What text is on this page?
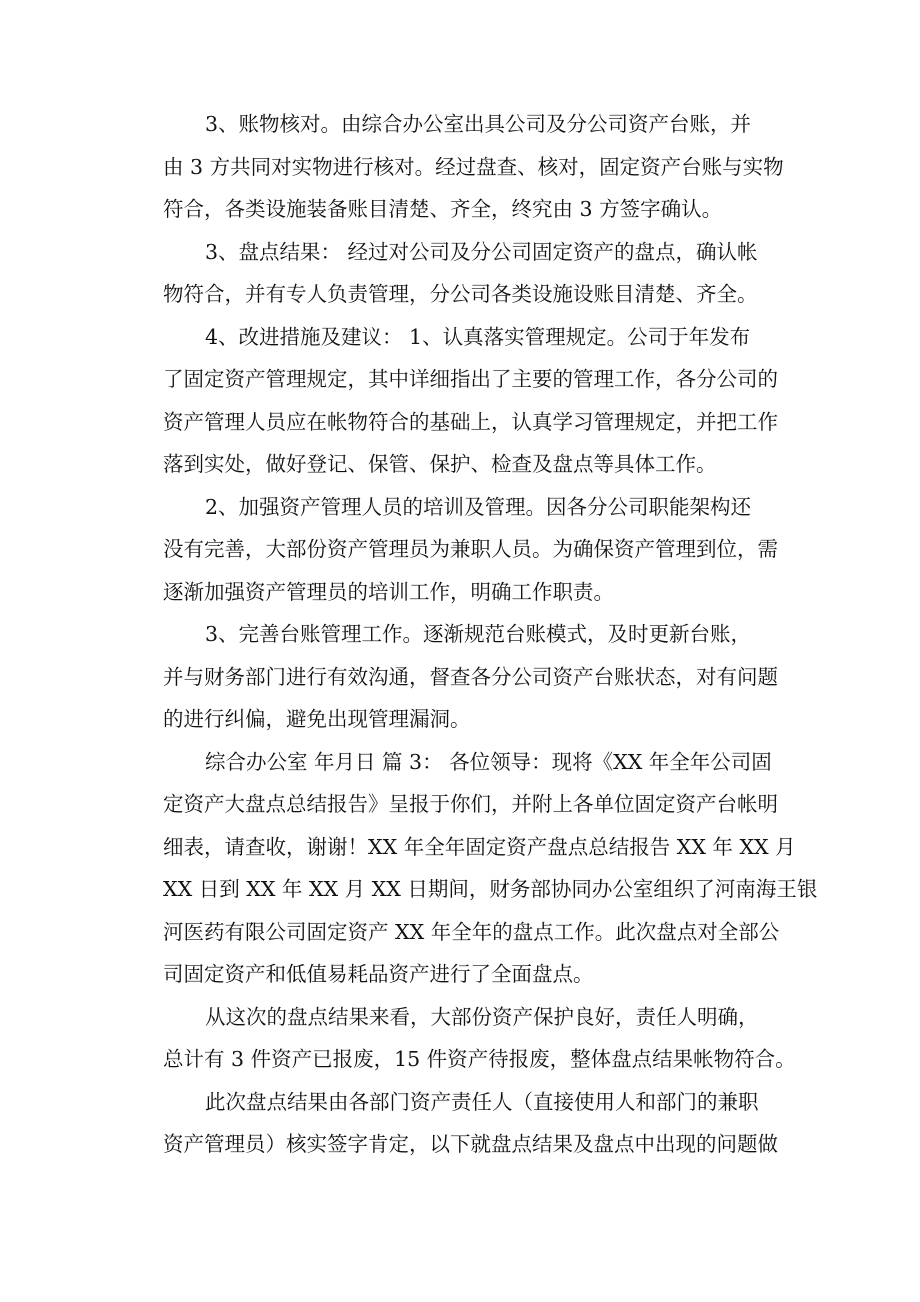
3、账物核对。由综合办公室出具公司及分公司资产台账，并
由 3 方共同对实物进行核对。经过盘查、核对，固定资产台账与实物
符合，各类设施装备账目清楚、齐全，终究由 3 方签字确认。
3、盘点结果： 经过对公司及分公司固定资产的盘点，确认帐
物符合，并有专人负责管理，分公司各类设施设账目清楚、齐全。
4、改进措施及建议： 1、认真落实管理规定。公司于年发布
了固定资产管理规定，其中详细指出了主要的管理工作，各分公司的
资产管理人员应在帐物符合的基础上，认真学习管理规定，并把工作
落到实处，做好登记、保管、保护、检查及盘点等具体工作。
2、加强资产管理人员的培训及管理。因各分公司职能架构还
没有完善，大部份资产管理员为兼职人员。为确保资产管理到位，需
逐渐加强资产管理员的培训工作，明确工作职责。
3、完善台账管理工作。逐渐规范台账模式，及时更新台账，
并与财务部门进行有效沟通，督查各分公司资产台账状态，对有问题
的进行纠偏，避免出现管理漏洞。
综合办公室 年月日 篇 3： 各位领导：现将《XX 年全年公司固
定资产大盘点总结报告》呈报于你们，并附上各单位固定资产台帐明
细表，请查收，谢谢！XX 年全年固定资产盘点总结报告 XX 年 XX 月
XX 日到 XX 年 XX 月 XX 日期间，财务部协同办公室组织了河南海王银
河医药有限公司固定资产 XX 年全年的盘点工作。此次盘点对全部公
司固定资产和低值易耗品资产进行了全面盘点。
从这次的盘点结果来看，大部份资产保护良好，责任人明确，
总计有 3 件资产已报废，15 件资产待报废，整体盘点结果帐物符合。
此次盘点结果由各部门资产责任人（直接使用人和部门的兼职
资产管理员）核实签字肯定，以下就盘点结果及盘点中出现的问题做
